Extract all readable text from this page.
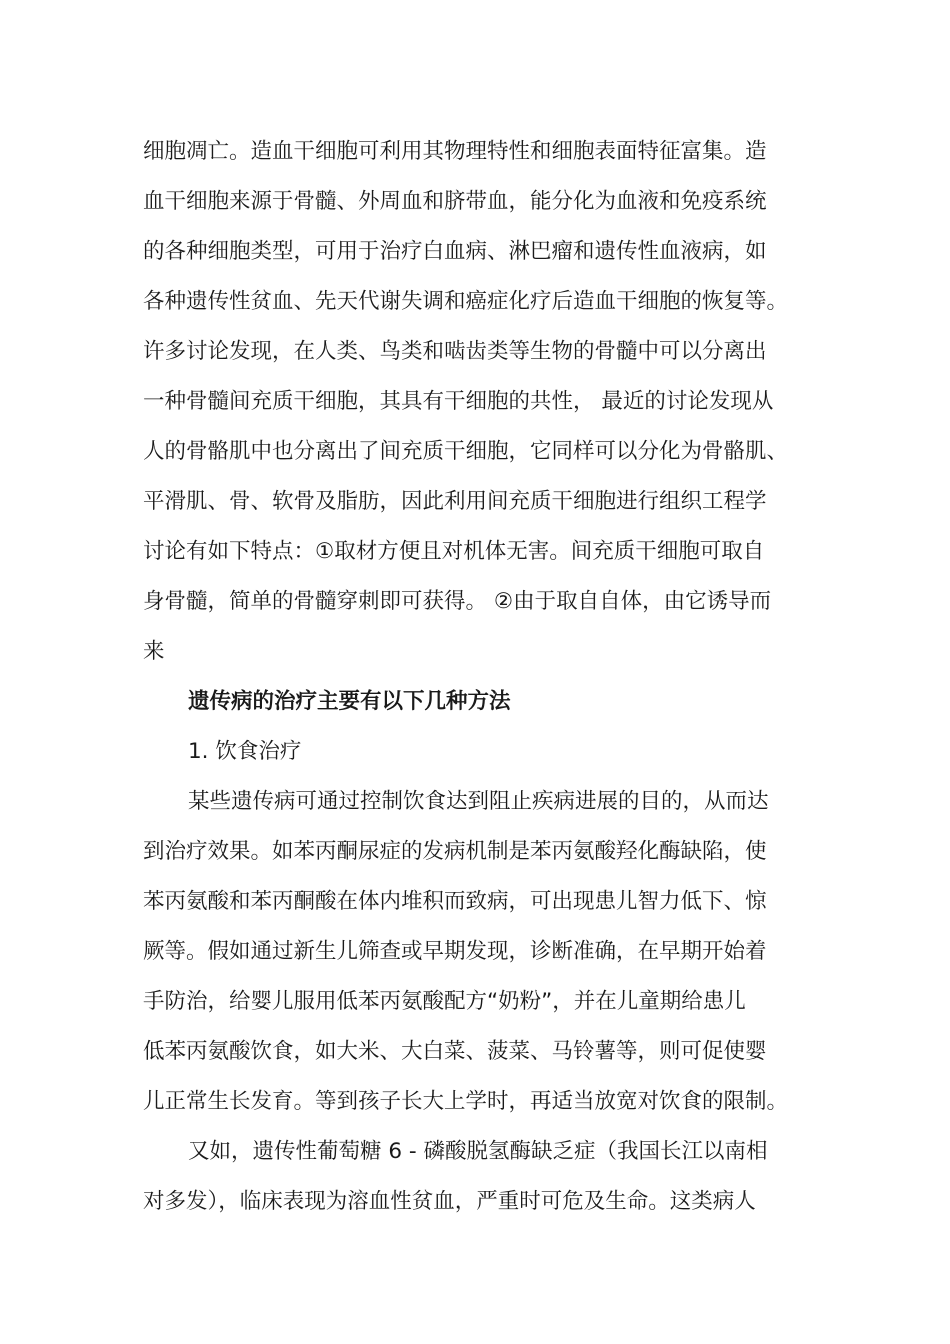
细胞凋亡。造血干细胞可利用其物理特性和细胞表面特征富集。造
血干细胞来源于骨髓、外周血和脐带血，能分化为血液和免疫系统
的各种细胞类型，可用于治疗白血病、淋巴瘤和遗传性血液病，如
各种遗传性贫血、先天代谢失调和癌症化疗后造血干细胞的恢复等。
许多讨论发现，在人类、鸟类和啮齿类等生物的骨髓中可以分离出
一种骨髓间充质干细胞，其具有干细胞的共性， 最近的讨论发现从
人的骨骼肌中也分离出了间充质干细胞，它同样可以分化为骨骼肌、
平滑肌、骨、软骨及脂肪，因此利用间充质干细胞进行组织工程学
讨论有如下特点：①取材方便且对机体无害。间充质干细胞可取自
身骨髓，简单的骨髓穿刺即可获得。 ②由于取自自体，由它诱导而
来
遗传病的治疗主要有以下几种方法
1. 饮食治疗
某些遗传病可通过控制饮食达到阻止疾病进展的目的，从而达
到治疗效果。如苯丙酮尿症的发病机制是苯丙氨酸羟化酶缺陷，使
苯丙氨酸和苯丙酮酸在体内堆积而致病，可出现患儿智力低下、惊
厥等。假如通过新生儿筛查或早期发现，诊断准确，在早期开始着
手防治，给婴儿服用低苯丙氨酸配方“奶粉”，并在儿童期给患儿
低苯丙氨酸饮食，如大米、大白菜、菠菜、马铃薯等，则可促使婴
儿正常生长发育。等到孩子长大上学时，再适当放宽对饮食的限制。
又如，遗传性葡萄糖 6 - 磷酸脱氢酶缺乏症（我国长江以南相
对多发），临床表现为溶血性贫血，严重时可危及生命。这类病人
